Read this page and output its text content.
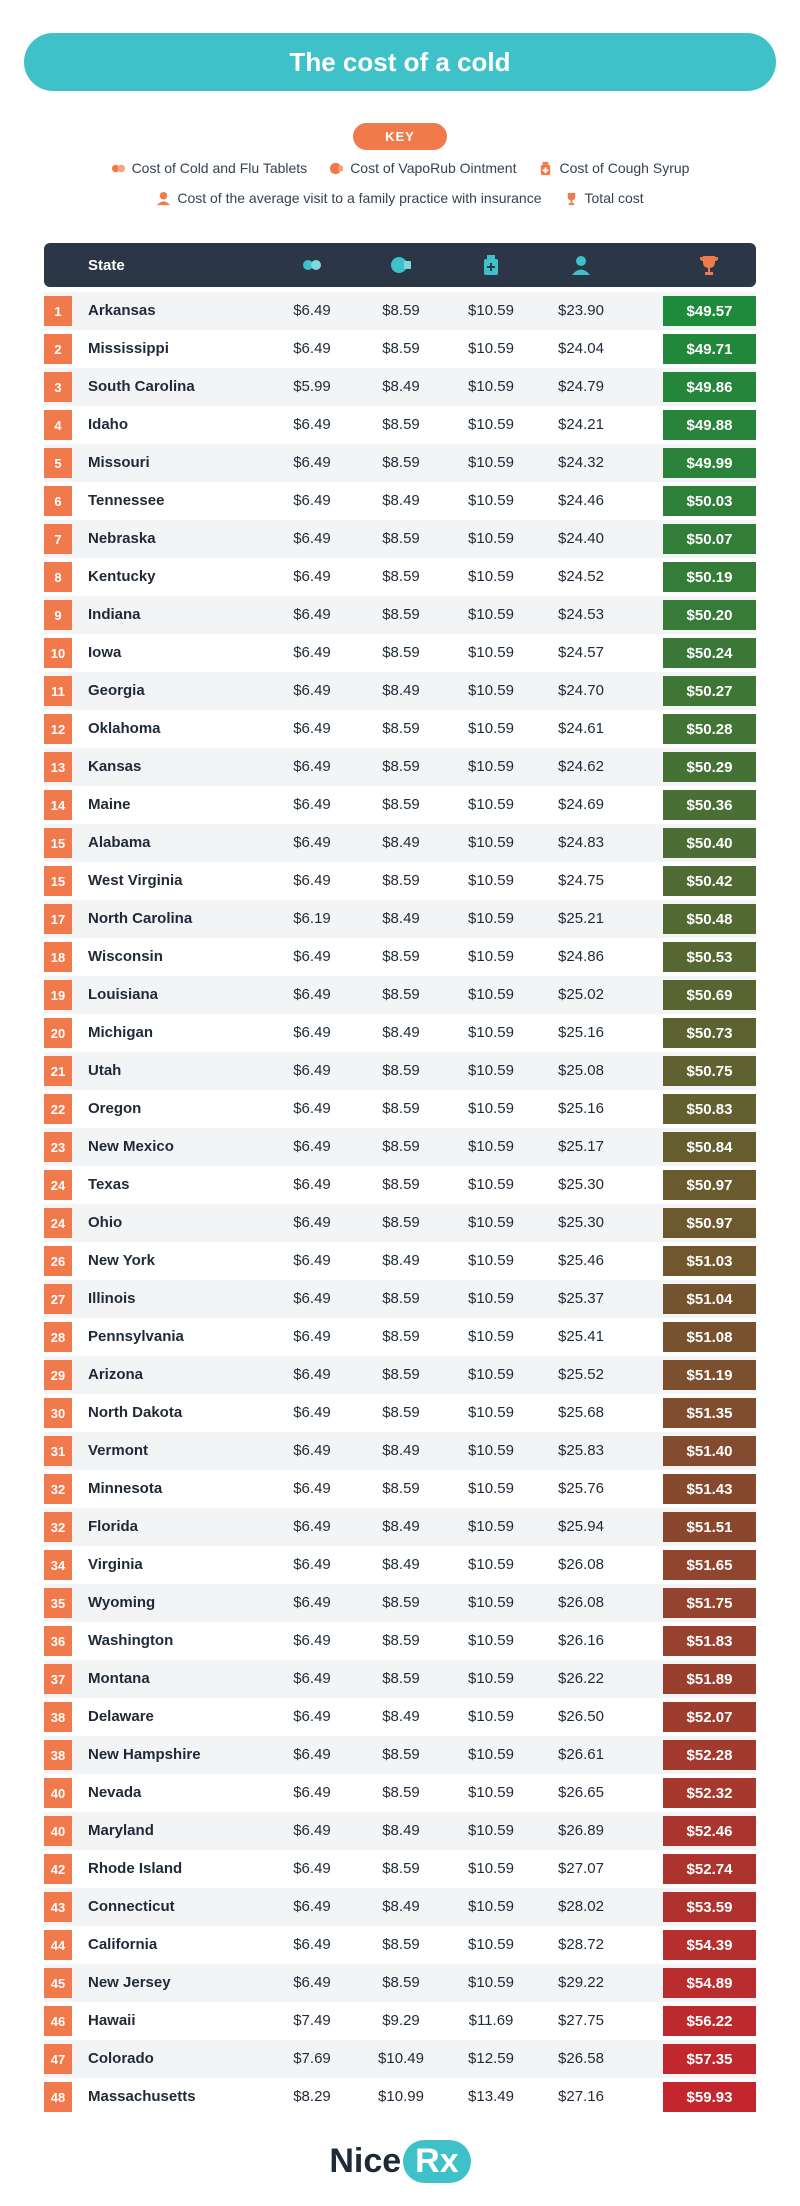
The cost of a cold
KEY
Cost of Cold and Flu Tablets	Cost of VapoRub Ointment	Cost of Cough Syrup
Cost of the average visit to a family practice with insurance	Total cost
State
1	Arkansas	$6.49	$8.59	$10.59	$23.90	$49.57
2	Mississippi	$6.49	$8.59	$10.59	$24.04	$49.71
3	South Carolina	$5.99	$8.49	$10.59	$24.79	$49.86
4	Idaho	$6.49	$8.59	$10.59	$24.21	$49.88
5	Missouri	$6.49	$8.59	$10.59	$24.32	$49.99
6	Tennessee	$6.49	$8.49	$10.59	$24.46	$50.03
7	Nebraska	$6.49	$8.59	$10.59	$24.40	$50.07
8	Kentucky	$6.49	$8.59	$10.59	$24.52	$50.19
9	Indiana	$6.49	$8.59	$10.59	$24.53	$50.20
10	Iowa	$6.49	$8.59	$10.59	$24.57	$50.24
11	Georgia	$6.49	$8.49	$10.59	$24.70	$50.27
12	Oklahoma	$6.49	$8.59	$10.59	$24.61	$50.28
13	Kansas	$6.49	$8.59	$10.59	$24.62	$50.29
14	Maine	$6.49	$8.59	$10.59	$24.69	$50.36
15	Alabama	$6.49	$8.49	$10.59	$24.83	$50.40
15	West Virginia	$6.49	$8.59	$10.59	$24.75	$50.42
17	North Carolina	$6.19	$8.49	$10.59	$25.21	$50.48
18	Wisconsin	$6.49	$8.59	$10.59	$24.86	$50.53
19	Louisiana	$6.49	$8.59	$10.59	$25.02	$50.69
20	Michigan	$6.49	$8.49	$10.59	$25.16	$50.73
21	Utah	$6.49	$8.59	$10.59	$25.08	$50.75
22	Oregon	$6.49	$8.59	$10.59	$25.16	$50.83
23	New Mexico	$6.49	$8.59	$10.59	$25.17	$50.84
24	Texas	$6.49	$8.59	$10.59	$25.30	$50.97
24	Ohio	$6.49	$8.59	$10.59	$25.30	$50.97
26	New York	$6.49	$8.49	$10.59	$25.46	$51.03
27	Illinois	$6.49	$8.59	$10.59	$25.37	$51.04
28	Pennsylvania	$6.49	$8.59	$10.59	$25.41	$51.08
29	Arizona	$6.49	$8.59	$10.59	$25.52	$51.19
30	North Dakota	$6.49	$8.59	$10.59	$25.68	$51.35
31	Vermont	$6.49	$8.49	$10.59	$25.83	$51.40
32	Minnesota	$6.49	$8.59	$10.59	$25.76	$51.43
32	Florida	$6.49	$8.49	$10.59	$25.94	$51.51
34	Virginia	$6.49	$8.49	$10.59	$26.08	$51.65
35	Wyoming	$6.49	$8.59	$10.59	$26.08	$51.75
36	Washington	$6.49	$8.59	$10.59	$26.16	$51.83
37	Montana	$6.49	$8.59	$10.59	$26.22	$51.89
38	Delaware	$6.49	$8.49	$10.59	$26.50	$52.07
38	New Hampshire	$6.49	$8.59	$10.59	$26.61	$52.28
40	Nevada	$6.49	$8.59	$10.59	$26.65	$52.32
40	Maryland	$6.49	$8.49	$10.59	$26.89	$52.46
42	Rhode Island	$6.49	$8.59	$10.59	$27.07	$52.74
43	Connecticut	$6.49	$8.49	$10.59	$28.02	$53.59
44	California	$6.49	$8.59	$10.59	$28.72	$54.39
45	New Jersey	$6.49	$8.59	$10.59	$29.22	$54.89
46	Hawaii	$7.49	$9.29	$11.69	$27.75	$56.22
47	Colorado	$7.69	$10.49	$12.59	$26.58	$57.35
48	Massachusetts	$8.29	$10.99	$13.49	$27.16	$59.93
Nice Rx
